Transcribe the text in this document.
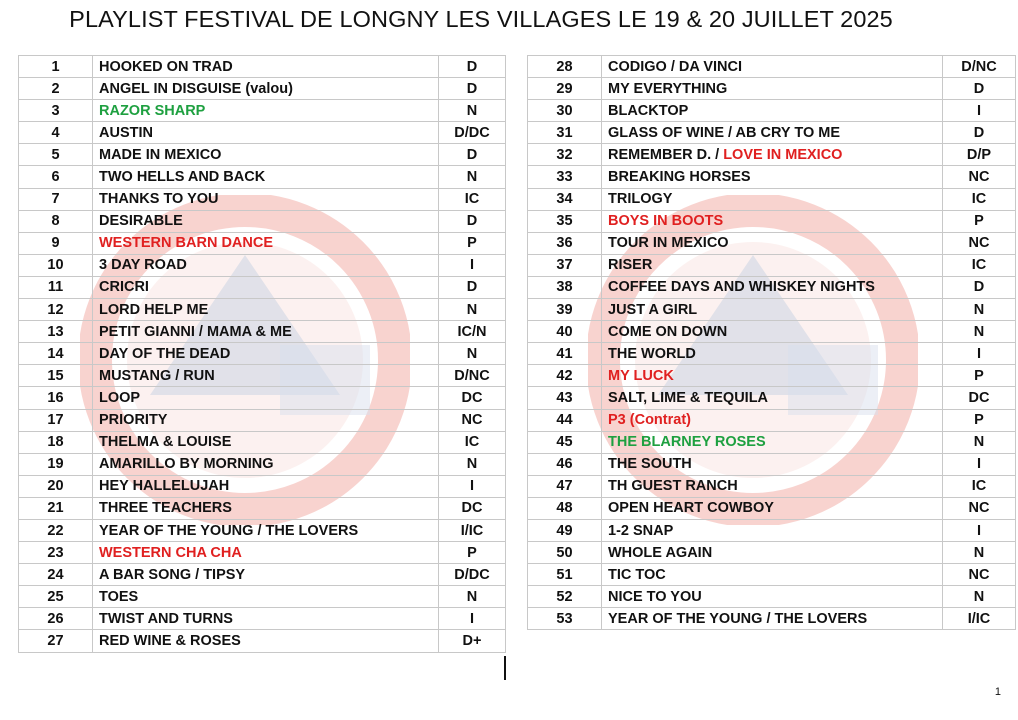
PLAYLIST FESTIVAL DE LONGNY LES VILLAGES LE 19 & 20 JUILLET 2025
1	HOOKED ON TRAD	D
2	ANGEL IN DISGUISE (valou)	D
3	RAZOR SHARP	N
4	AUSTIN	D/DC
5	MADE IN MEXICO	D
6	TWO HELLS AND BACK	N
7	THANKS TO YOU	IC
8	DESIRABLE	D
9	WESTERN BARN DANCE	P
10	3 DAY ROAD	I
11	CRICRI	D
12	LORD HELP ME	N
13	PETIT GIANNI / MAMA & ME	IC/N
14	DAY OF THE DEAD	N
15	MUSTANG / RUN	D/NC
16	LOOP	DC
17	PRIORITY	NC
18	THELMA & LOUISE	IC
19	AMARILLO BY MORNING	N
20	HEY HALLELUJAH	I
21	THREE TEACHERS	DC
22	YEAR OF THE YOUNG / THE LOVERS	I/IC
23	WESTERN CHA CHA	P
24	A BAR SONG / TIPSY	D/DC
25	TOES	N
26	TWIST AND TURNS	I
27	RED WINE & ROSES	D+
28	CODIGO / DA VINCI	D/NC
29	MY EVERYTHING	D
30	BLACKTOP	I
31	GLASS OF WINE / AB CRY TO ME	D
32	REMEMBER D. / LOVE IN MEXICO	D/P
33	BREAKING HORSES	NC
34	TRILOGY	IC
35	BOYS IN BOOTS	P
36	TOUR IN MEXICO	NC
37	RISER	IC
38	COFFEE DAYS AND WHISKEY NIGHTS	D
39	JUST A GIRL	N
40	COME ON DOWN	N
41	THE WORLD	I
42	MY LUCK	P
43	SALT, LIME & TEQUILA	DC
44	P3 (Contrat)	P
45	THE BLARNEY ROSES	N
46	THE SOUTH	I
47	TH GUEST RANCH	IC
48	OPEN HEART COWBOY	NC
49	1-2 SNAP	I
50	WHOLE AGAIN	N
51	TIC TOC	NC
52	NICE TO YOU	N
53	YEAR OF THE YOUNG / THE LOVERS	I/IC
1
